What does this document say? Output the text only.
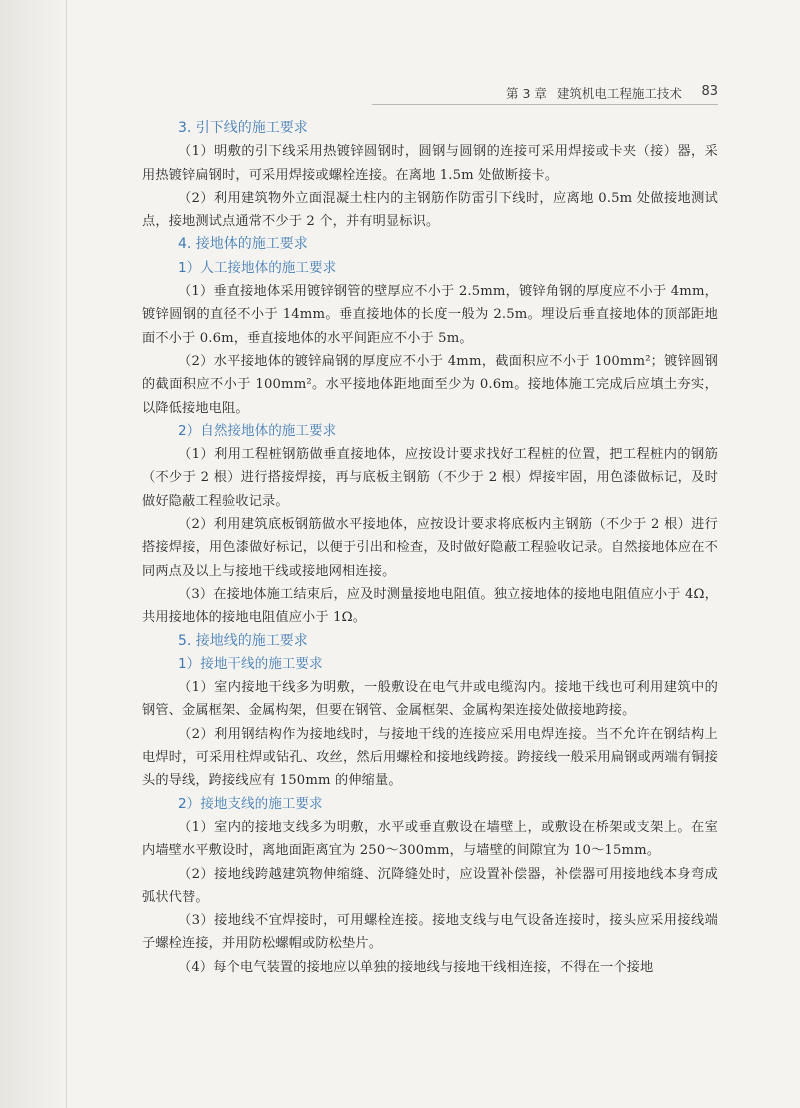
第 3 章 建筑机电工程施工技术 83
3. 引下线的施工要求

（1）明敷的引下线采用热镀锌圆钢时，圆钢与圆钢的连接可采用焊接或卡夹（接）器，采用热镀锌扁钢时，可采用焊接或螺栓连接。在离地 1.5m 处做断接卡。

（2）利用建筑物外立面混凝土柱内的主钢筋作防雷引下线时，应离地 0.5m 处做接地测试点，接地测试点通常不少于 2 个，并有明显标识。

4. 接地体的施工要求
1）人工接地体的施工要求

（1）垂直接地体采用镀锌钢管的壁厚应不小于 2.5mm，镀锌角钢的厚度应不小于 4mm，镀锌圆钢的直径不小于 14mm。垂直接地体的长度一般为 2.5m。埋设后垂直接地体的顶部距地面不小于 0.6m，垂直接地体的水平间距应不小于 5m。

（2）水平接地体的镀锌扁钢的厚度应不小于 4mm，截面积应不小于 100mm²；镀锌圆钢的截面积应不小于 100mm²。水平接地体距地面至少为 0.6m。接地体施工完成后应填土夯实，以降低接地电阻。

2）自然接地体的施工要求

（1）利用工程桩钢筋做垂直接地体，应按设计要求找好工程桩的位置，把工程桩内的钢筋（不少于 2 根）进行搭接焊接，再与底板主钢筋（不少于 2 根）焊接牢固，用色漆做标记，及时做好隐蔽工程验收记录。

（2）利用建筑底板钢筋做水平接地体，应按设计要求将底板内主钢筋（不少于 2 根）进行搭接焊接，用色漆做好标记，以便于引出和检查，及时做好隐蔽工程验收记录。自然接地体应在不同两点及以上与接地干线或接地网相连接。

（3）在接地体施工结束后，应及时测量接地电阻值。独立接地体的接地电阻值应小于 4Ω，共用接地体的接地电阻值应小于 1Ω。

5. 接地线的施工要求
1）接地干线的施工要求

（1）室内接地干线多为明敷，一般敷设在电气井或电缆沟内。接地干线也可利用建筑中的钢管、金属框架、金属构架，但要在钢管、金属框架、金属构架连接处做接地跨接。

（2）利用钢结构作为接地线时，与接地干线的连接应采用电焊连接。当不允许在钢结构上电焊时，可采用柱焊或钻孔、攻丝，然后用螺栓和接地线跨接。跨接线一般采用扁钢或两端有铜接头的导线，跨接线应有 150mm 的伸缩量。

2）接地支线的施工要求

（1）室内的接地支线多为明敷，水平或垂直敷设在墙壁上，或敷设在桥架或支架上。在室内墙壁水平敷设时，离地面距离宜为 250～300mm，与墙壁的间隙宜为 10～15mm。

（2）接地线跨越建筑物伸缩缝、沉降缝处时，应设置补偿器，补偿器可用接地线本身弯成弧状代替。

（3）接地线不宜焊接时，可用螺栓连接。接地支线与电气设备连接时，接头应采用接线端子螺栓连接，并用防松螺帽或防松垫片。

（4）每个电气装置的接地应以单独的接地线与接地干线相连接，不得在一个接地
